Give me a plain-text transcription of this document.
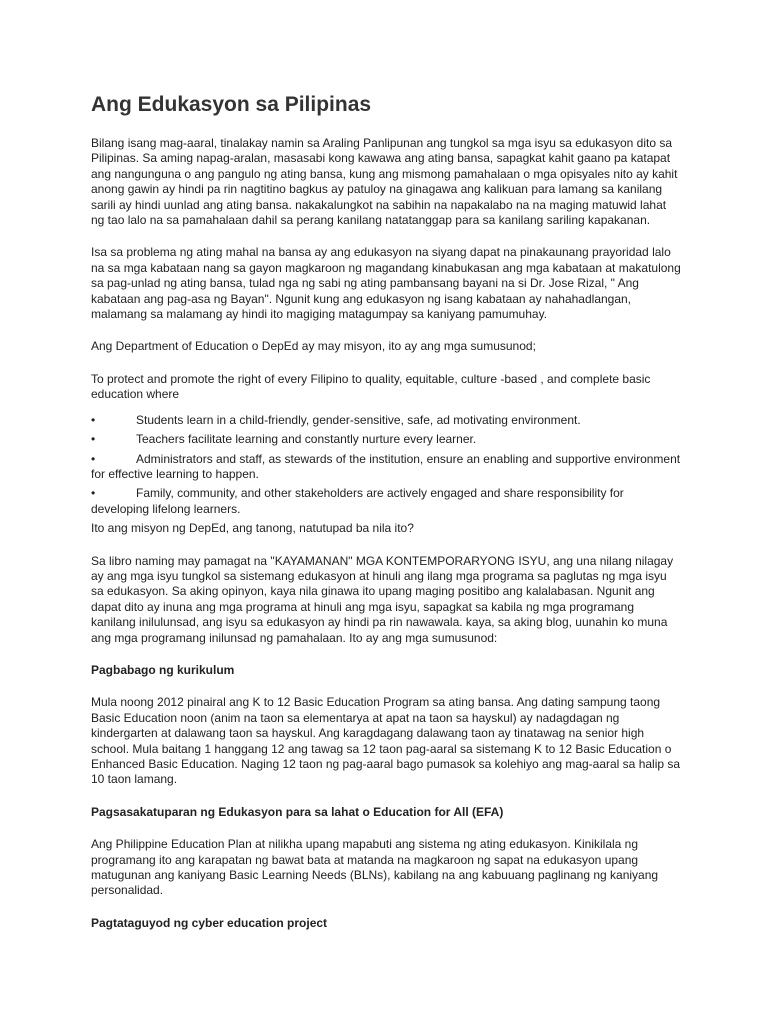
Ang Edukasyon sa Pilipinas

Bilang isang mag-aaral, tinalakay namin sa Araling Panlipunan ang tungkol sa mga isyu sa edukasyon dito sa Pilipinas. Sa aming napag-aralan, masasabi kong kawawa ang ating bansa, sapagkat kahit gaano pa katapat ang nangunguna o ang pangulo ng ating bansa, kung ang mismong pamahalaan o mga opisyales nito ay kahit anong gawin ay hindi pa rin nagtitino bagkus ay patuloy na ginagawa ang kalikuan para lamang sa kanilang sarili ay hindi uunlad ang ating bansa. nakakalungkot na sabihin na napakalabo na na maging matuwid lahat ng tao lalo na sa pamahalaan dahil sa perang kanilang natatanggap para sa kanilang sariling kapakanan.

Isa sa problema ng ating mahal na bansa ay ang edukasyon na siyang dapat na pinakaunang prayoridad lalo na sa mga kabataan nang sa gayon magkaroon ng magandang kinabukasan ang mga kabataan at makatulong sa pag-unlad ng ating bansa, tulad nga ng sabi ng ating pambansang bayani na si Dr. Jose Rizal, " Ang kabataan ang pag-asa ng Bayan". Ngunit kung ang edukasyon ng isang kabataan ay nahahadlangan, malamang sa malamang ay hindi ito magiging matagumpay sa kaniyang pamumuhay.

Ang Department of Education o DepEd ay may misyon, ito ay ang mga sumusunod;

To protect and promote the right of every Filipino to quality, equitable, culture -based , and complete basic education where

•	Students learn in a child-friendly, gender-sensitive, safe, ad motivating environment.
•	Teachers facilitate learning and constantly nurture every learner.
•	Administrators and staff, as stewards of the institution, ensure an enabling and supportive environment for effective learning to happen.
•	Family, community, and other stakeholders are actively engaged and share responsibility for developing lifelong learners.

Ito ang misyon ng DepEd, ang tanong, natutupad ba nila ito?

Sa libro naming may pamagat na "KAYAMANAN" MGA KONTEMPORARYONG ISYU, ang una nilang nilagay ay ang mga isyu tungkol sa sistemang edukasyon at hinuli ang ilang mga programa sa paglutas ng mga isyu sa edukasyon. Sa aking opinyon, kaya nila ginawa ito upang maging positibo ang kalalabasan. Ngunit ang dapat dito ay inuna ang mga programa at hinuli ang mga isyu, sapagkat sa kabila ng mga programang kanilang inilulunsad, ang isyu sa edukasyon ay hindi pa rin nawawala. kaya, sa aking blog, uunahin ko muna ang mga programang inilunsad ng pamahalaan. Ito ay ang mga sumusunod:

Pagbabago ng kurikulum

Mula noong 2012 pinairal ang K to 12 Basic Education Program sa ating bansa. Ang dating sampung taong Basic Education noon (anim na taon sa elementarya at apat na taon sa hayskul) ay nadagdagan ng kindergarten at dalawang taon sa hayskul. Ang karagdagang dalawang taon ay tinatawag na senior high school. Mula baitang 1 hanggang 12 ang tawag sa 12 taon pag-aaral sa sistemang K to 12 Basic Education o Enhanced Basic Education. Naging 12 taon ng pag-aaral bago pumasok sa kolehiyo ang mag-aaral sa halip sa 10 taon lamang.

Pagsasakatuparan ng Edukasyon para sa lahat o Education for All (EFA)

Ang Philippine Education Plan at nilikha upang mapabuti ang sistema ng ating edukasyon. Kinikilala ng programang ito ang karapatan ng bawat bata at matanda na magkaroon ng sapat na edukasyon upang matugunan ang kaniyang Basic Learning Needs (BLNs), kabilang na ang kabuuang paglinang ng kaniyang personalidad.

Pagtataguyod ng cyber education project
